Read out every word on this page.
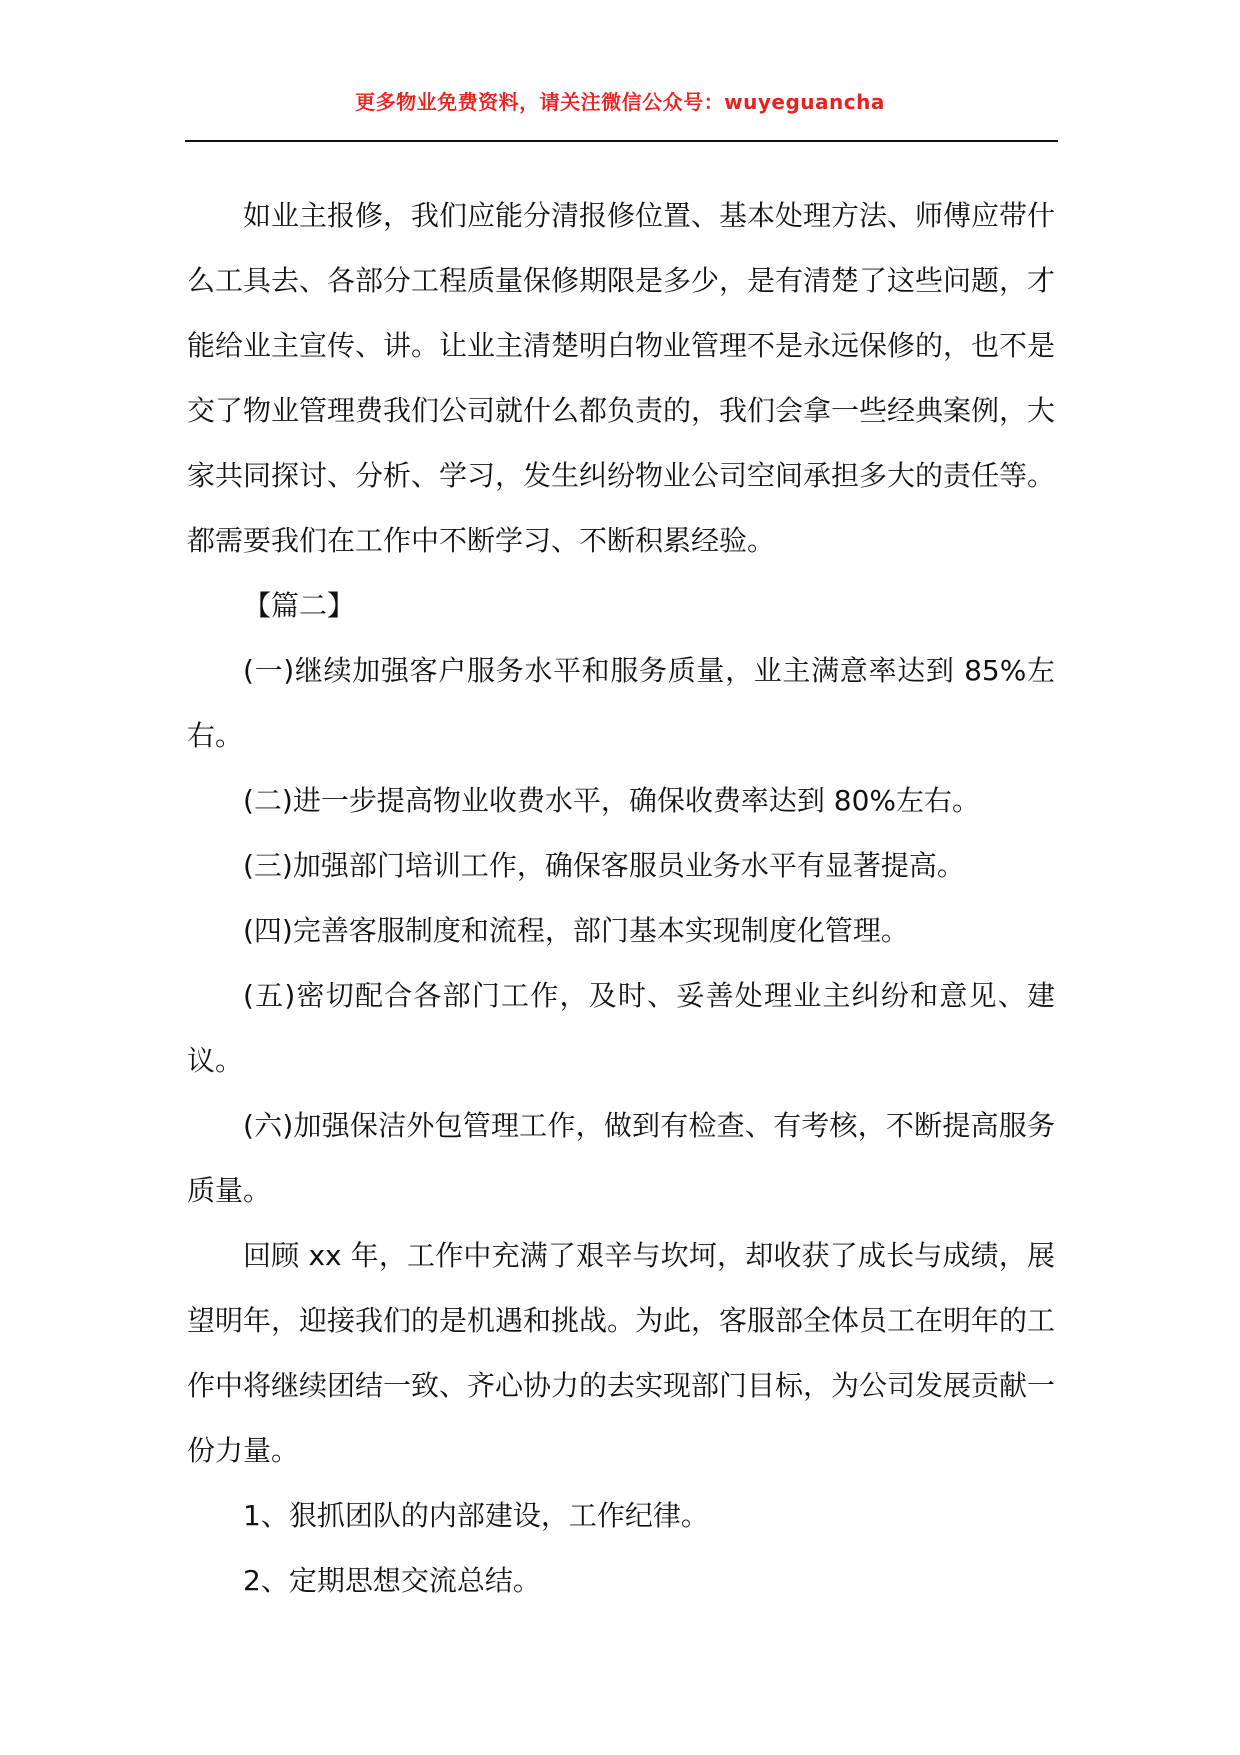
更多物业免费资料，请关注微信公众号：wuyeguancha

如业主报修，我们应能分清报修位置、基本处理方法、师傅应带什么工具去、各部分工程质量保修期限是多少，是有清楚了这些问题，才能给业主宣传、讲。让业主清楚明白物业管理不是永远保修的，也不是交了物业管理费我们公司就什么都负责的，我们会拿一些经典案例，大家共同探讨、分析、学习，发生纠纷物业公司空间承担多大的责任等。都需要我们在工作中不断学习、不断积累经验。

【篇二】

(一)继续加强客户服务水平和服务质量，业主满意率达到 85%左右。

(二)进一步提高物业收费水平，确保收费率达到 80%左右。

(三)加强部门培训工作，确保客服员业务水平有显著提高。

(四)完善客服制度和流程，部门基本实现制度化管理。

(五)密切配合各部门工作，及时、妥善处理业主纠纷和意见、建议。

(六)加强保洁外包管理工作，做到有检查、有考核，不断提高服务质量。

回顾 xx 年，工作中充满了艰辛与坎坷，却收获了成长与成绩，展望明年，迎接我们的是机遇和挑战。为此，客服部全体员工在明年的工作中将继续团结一致、齐心协力的去实现部门目标，为公司发展贡献一份力量。

1、狠抓团队的内部建设，工作纪律。

2、定期思想交流总结。
